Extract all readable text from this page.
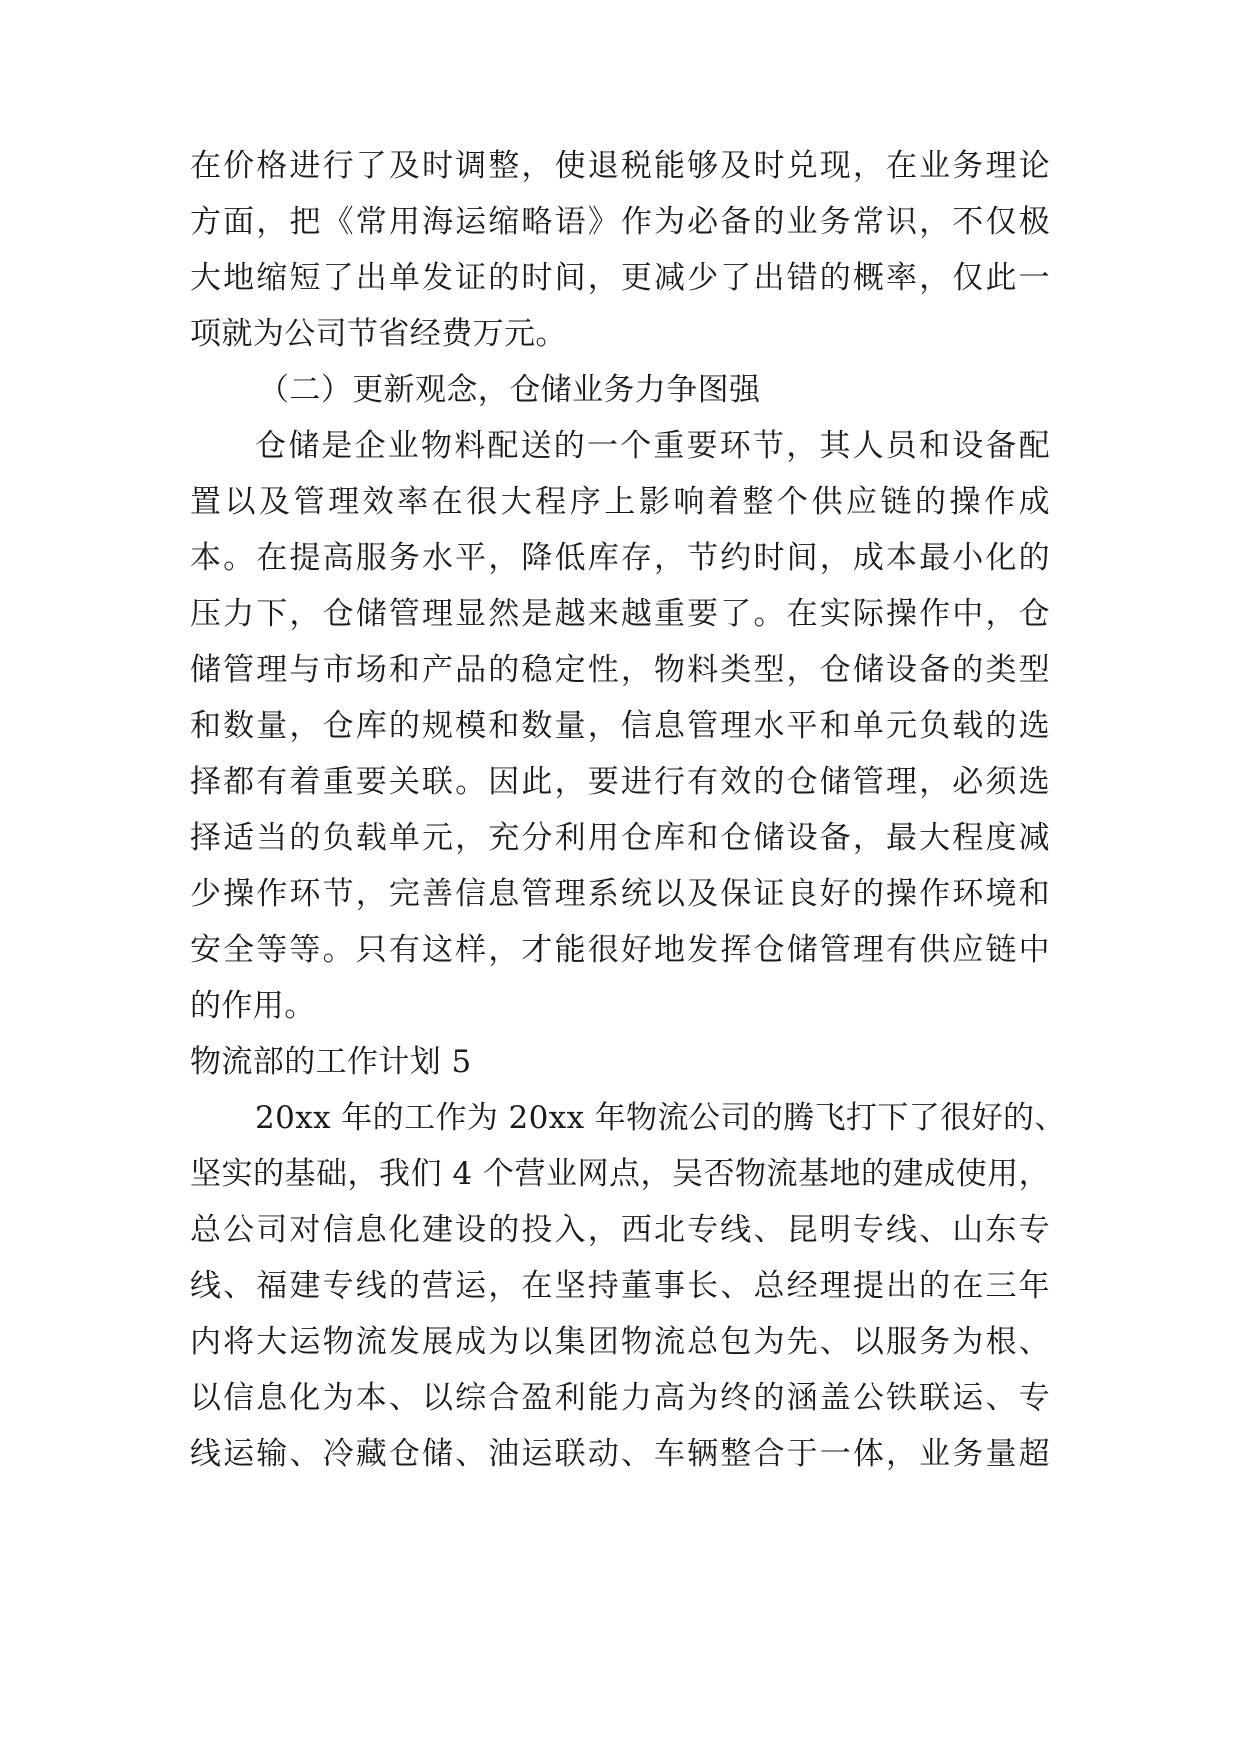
在价格进行了及时调整，使退税能够及时兑现，在业务理论
方面，把《常用海运缩略语》作为必备的业务常识，不仅极
大地缩短了出单发证的时间，更减少了出错的概率，仅此一
项就为公司节省经费万元。
（二）更新观念，仓储业务力争图强
仓储是企业物料配送的一个重要环节，其人员和设备配
置以及管理效率在很大程序上影响着整个供应链的操作成
本。在提高服务水平，降低库存，节约时间，成本最小化的
压力下，仓储管理显然是越来越重要了。在实际操作中，仓
储管理与市场和产品的稳定性，物料类型，仓储设备的类型
和数量，仓库的规模和数量，信息管理水平和单元负载的选
择都有着重要关联。因此，要进行有效的仓储管理，必须选
择适当的负载单元，充分利用仓库和仓储设备，最大程度减
少操作环节，完善信息管理系统以及保证良好的操作环境和
安全等等。只有这样，才能很好地发挥仓储管理有供应链中
的作用。
物流部的工作计划 5
20xx 年的工作为 20xx 年物流公司的腾飞打下了很好的、
坚实的基础，我们 4 个营业网点，吴否物流基地的建成使用，
总公司对信息化建设的投入，西北专线、昆明专线、山东专
线、福建专线的营运，在坚持董事长、总经理提出的在三年
内将大运物流发展成为以集团物流总包为先、以服务为根、
以信息化为本、以综合盈利能力高为终的涵盖公铁联运、专
线运输、冷藏仓储、油运联动、车辆整合于一体，业务量超
